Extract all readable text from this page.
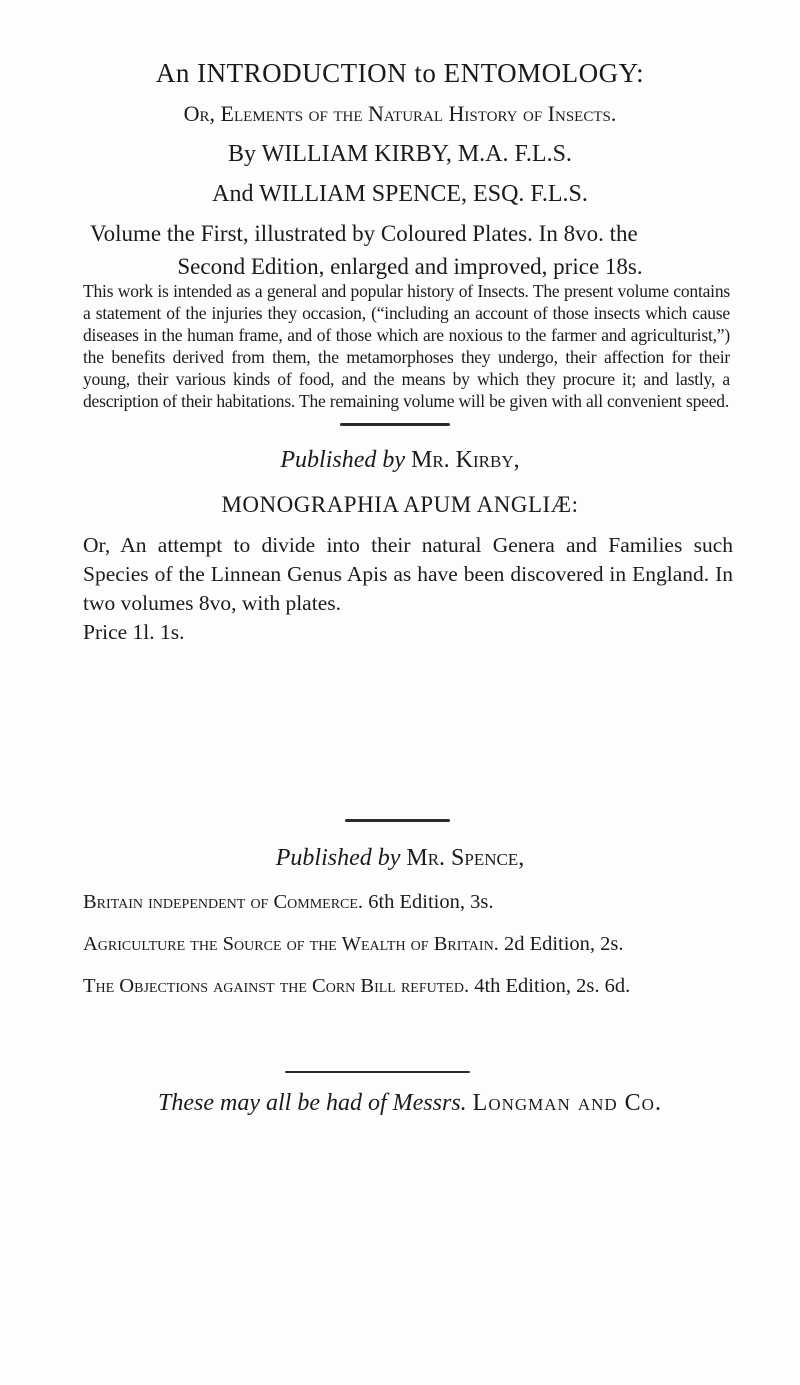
An INTRODUCTION to ENTOMOLOGY:
Or, Elements of the Natural History of Insects.
By WILLIAM KIRBY, M.A. F.L.S.
And WILLIAM SPENCE, ESQ. F.L.S.
Volume the First, illustrated by Coloured Plates. In 8vo. the
Second Edition, enlarged and improved, price 18s.
This work is intended as a general and popular history of Insects. The present volume contains a statement of the injuries they occasion, (“including an account of those insects which cause diseases in the human frame, and of those which are noxious to the farmer and agriculturist,”) the benefits derived from them, the metamorphoses they undergo, their affection for their young, their various kinds of food, and the means by which they procure it; and lastly, a description of their habitations. The remaining volume will be given with all convenient speed.
Published by Mr. Kirby,
MONOGRAPHIA APUM ANGLIÆ:
Or, An attempt to divide into their natural Genera and Families such Species of the Linnean Genus Apis as have been discovered in England. In two volumes 8vo, with plates.
Price 1l. 1s.
Published by Mr. Spence,
Britain independent of Commerce. 6th Edition, 3s.
Agriculture the Source of the Wealth of Britain. 2d Edition, 2s.
The Objections against the Corn Bill refuted. 4th Edition, 2s. 6d.
These may all be had of Messrs. Longman and Co.
